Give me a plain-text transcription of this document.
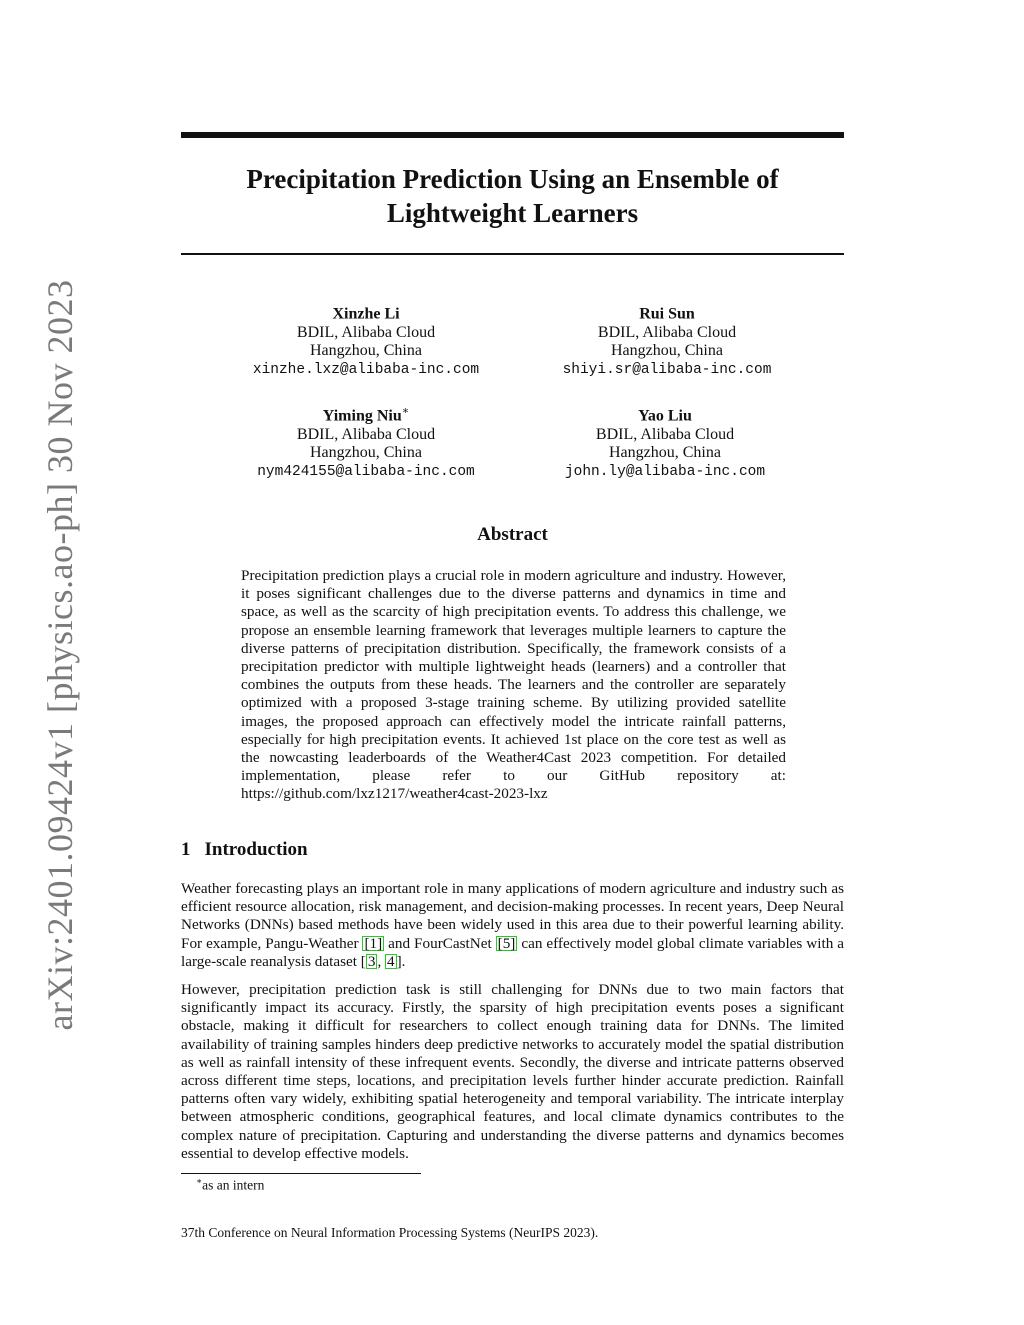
arXiv:2401.09424v1 [physics.ao-ph] 30 Nov 2023
Precipitation Prediction Using an Ensemble of
Lightweight Learners
Xinzhe Li
BDIL, Alibaba Cloud
Hangzhou, China
xinzhe.lxz@alibaba-inc.com
Rui Sun
BDIL, Alibaba Cloud
Hangzhou, China
shiyi.sr@alibaba-inc.com
Yiming Niu∗
BDIL, Alibaba Cloud
Hangzhou, China
nym424155@alibaba-inc.com
Yao Liu
BDIL, Alibaba Cloud
Hangzhou, China
john.ly@alibaba-inc.com
Abstract
Precipitation prediction plays a crucial role in modern agriculture and industry. However, it poses significant challenges due to the diverse patterns and dynamics in time and space, as well as the scarcity of high precipitation events. To address this challenge, we propose an ensemble learning framework that leverages multiple learners to capture the diverse patterns of precipitation distribution. Specifically, the framework consists of a precipitation predictor with multiple lightweight heads (learners) and a controller that combines the outputs from these heads. The learners and the controller are separately optimized with a proposed 3-stage training scheme. By utilizing provided satellite images, the proposed approach can effectively model the intricate rainfall patterns, especially for high precipitation events. It achieved 1st place on the core test as well as the nowcasting leaderboards of the Weather4Cast 2023 competition. For detailed implementation, please refer to our GitHub repository at: https://github.com/lxz1217/weather4cast-2023-lxz
1 Introduction
Weather forecasting plays an important role in many applications of modern agriculture and industry such as efficient resource allocation, risk management, and decision-making processes. In recent years, Deep Neural Networks (DNNs) based methods have been widely used in this area due to their powerful learning ability. For example, Pangu-Weather [1] and FourCastNet [5] can effectively model global climate variables with a large-scale reanalysis dataset [ 3 , 4 ].
However, precipitation prediction task is still challenging for DNNs due to two main factors that significantly impact its accuracy. Firstly, the sparsity of high precipitation events poses a significant obstacle, making it difficult for researchers to collect enough training data for DNNs. The limited availability of training samples hinders deep predictive networks to accurately model the spatial distribution as well as rainfall intensity of these infrequent events. Secondly, the diverse and intricate patterns observed across different time steps, locations, and precipitation levels further hinder accurate prediction. Rainfall patterns often vary widely, exhibiting spatial heterogeneity and temporal variability. The intricate interplay between atmospheric conditions, geographical features, and local climate dynamics contributes to the complex nature of precipitation. Capturing and understanding the diverse patterns and dynamics becomes essential to develop effective models.
∗as an intern
37th Conference on Neural Information Processing Systems (NeurIPS 2023).
